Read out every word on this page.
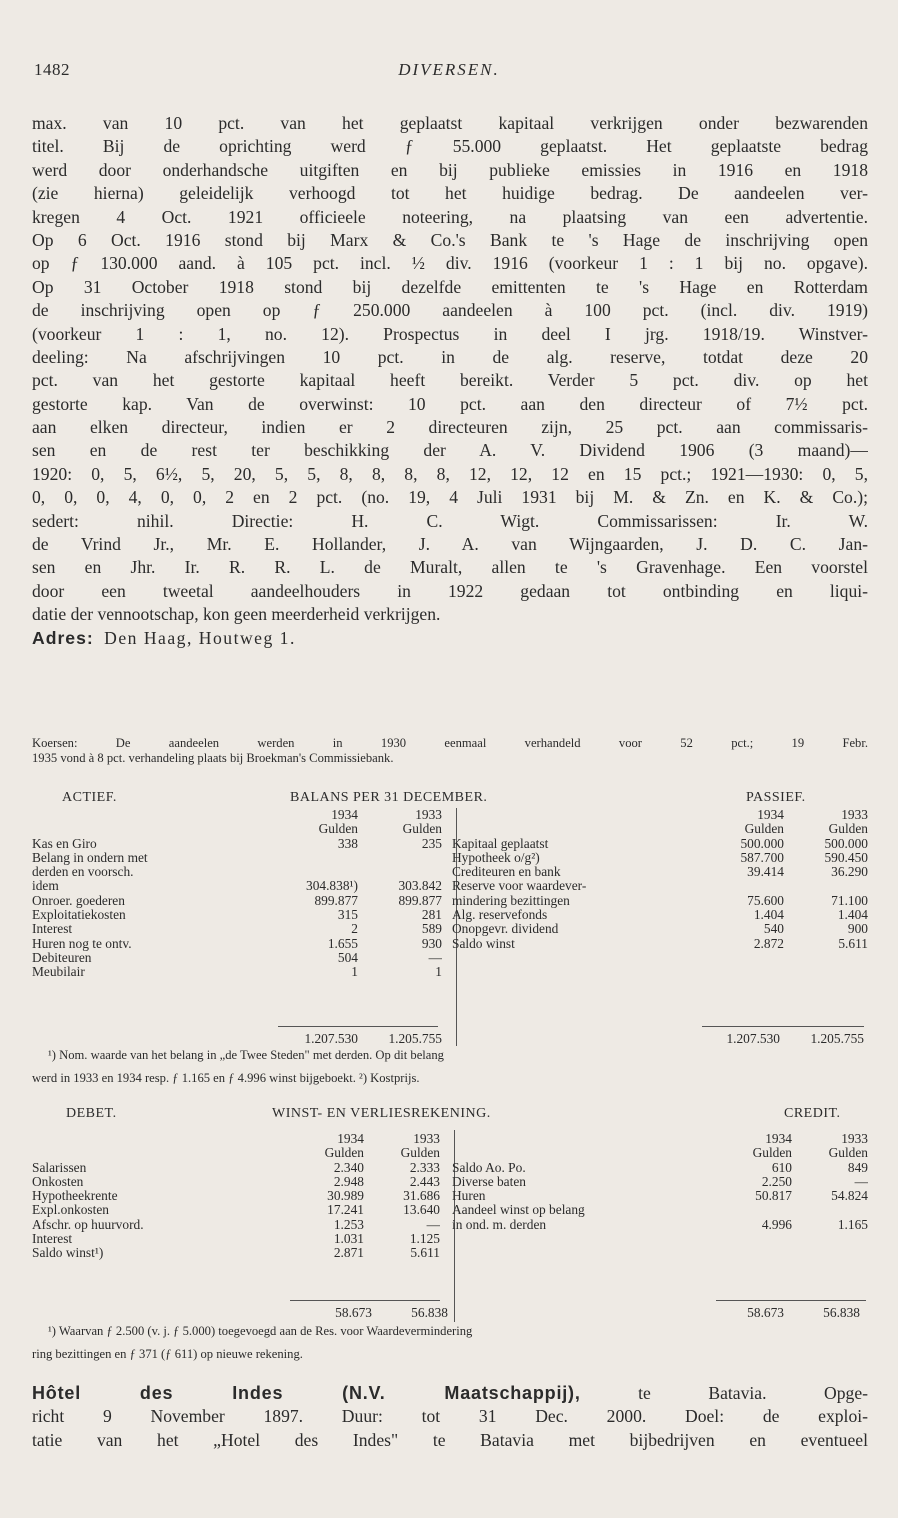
1482	DIVERSEN.
max. van 10 pct. van het geplaatst kapitaal verkrijgen onder bezwarenden
titel. Bij de oprichting werd ƒ 55.000 geplaatst. Het geplaatste bedrag
werd door onderhandsche uitgiften en bij publieke emissies in 1916 en 1918
(zie hierna) geleidelijk verhoogd tot het huidige bedrag. De aandeelen ver-
kregen 4 Oct. 1921 officieele noteering, na plaatsing van een advertentie.
Op 6 Oct. 1916 stond bij Marx & Co.'s Bank te 's Hage de inschrijving open
op ƒ 130.000 aand. à 105 pct. incl. ½ div. 1916 (voorkeur 1 : 1 bij no. opgave).
Op 31 October 1918 stond bij dezelfde emittenten te 's Hage en Rotterdam
de inschrijving open op ƒ 250.000 aandeelen à 100 pct. (incl. div. 1919)
(voorkeur 1 : 1, no. 12). Prospectus in deel I jrg. 1918/19. Winstver-
deeling: Na afschrijvingen 10 pct. in de alg. reserve, totdat deze 20
pct. van het gestorte kapitaal heeft bereikt. Verder 5 pct. div. op het
gestorte kap. Van de overwinst: 10 pct. aan den directeur of 7½ pct.
aan elken directeur, indien er 2 directeuren zijn, 25 pct. aan commissaris-
sen en de rest ter beschikking der A. V. Dividend 1906 (3 maand)—
1920: 0, 5, 6½, 5, 20, 5, 5, 8, 8, 8, 8, 12, 12, 12 en 15 pct.; 1921—1930: 0, 5,
0, 0, 0, 4, 0, 0, 2 en 2 pct. (no. 19, 4 Juli 1931 bij M. & Zn. en K. & Co.);
sedert: nihil. Directie: H. C. Wigt. Commissarissen: Ir. W.
de Vrind Jr., Mr. E. Hollander, J. A. van Wijngaarden, J. D. C. Jan-
sen en Jhr. Ir. R. R. L. de Muralt, allen te 's Gravenhage. Een voorstel
door een tweetal aandeelhouders in 1922 gedaan tot ontbinding en liqui-
datie der vennootschap, kon geen meerderheid verkrijgen.
Adres: Den Haag, Houtweg 1.
Koersen: De aandeelen werden in 1930 eenmaal verhandeld voor 52 pct.; 19 Febr.
1935 vond à 8 pct. verhandeling plaats bij Broekman's Commissiebank.
ACTIEF.	BALANS PER 31 DECEMBER.	PASSIEF.
	1934	1933
	Gulden	Gulden
Kas en Giro	338	235
Belang in ondern met		
derden en voorsch.		
idem	304.838¹)	303.842
Onroer. goederen	899.877	899.877
Exploitatiekosten	315	281
Interest	2	589
Huren nog te ontv.	1.655	930
Debiteuren	504	—
Meubilair	1	1
	1934	1933
	Gulden	Gulden
Kapitaal geplaatst	500.000	500.000
Hypotheek o/g²)	587.700	590.450
Crediteuren en bank	39.414	36.290
Reserve voor waardever-		
mindering bezittingen	75.600	71.100
Alg. reservefonds	1.404	1.404
Onopgevr. dividend	540	900
Saldo winst	2.872	5.611
1.207.530	1.205.755	1.207.530	1.205.755
¹) Nom. waarde van het belang in „de Twee Steden" met derden. Op dit belang
werd in 1933 en 1934 resp. ƒ 1.165 en ƒ 4.996 winst bijgeboekt. ²) Kostprijs.
DEBET.	WINST- EN VERLIESREKENING.	CREDIT.
	1934	1933
	Gulden	Gulden
Salarissen	2.340	2.333
Onkosten	2.948	2.443
Hypotheekrente	30.989	31.686
Expl.onkosten	17.241	13.640
Afschr. op huurvord.	1.253	—
Interest	1.031	1.125
Saldo winst¹)	2.871	5.611
	1934	1933
	Gulden	Gulden
Saldo Ao. Po.	610	849
Diverse baten	2.250	—
Huren	50.817	54.824
Aandeel winst op belang		
in ond. m. derden	4.996	1.165
58.673	56.838	58.673	56.838
¹) Waarvan ƒ 2.500 (v. j. ƒ 5.000) toegevoegd aan de Res. voor Waardevermindering
ring bezittingen en ƒ 371 (ƒ 611) op nieuwe rekening.
Hôtel des Indes (N.V. Maatschappij),	te Batavia. Opge-
richt 9 November 1897. Duur: tot 31 Dec. 2000. Doel: de exploi-
tatie van het „Hotel des Indes" te Batavia met bijbedrijven en eventueel
